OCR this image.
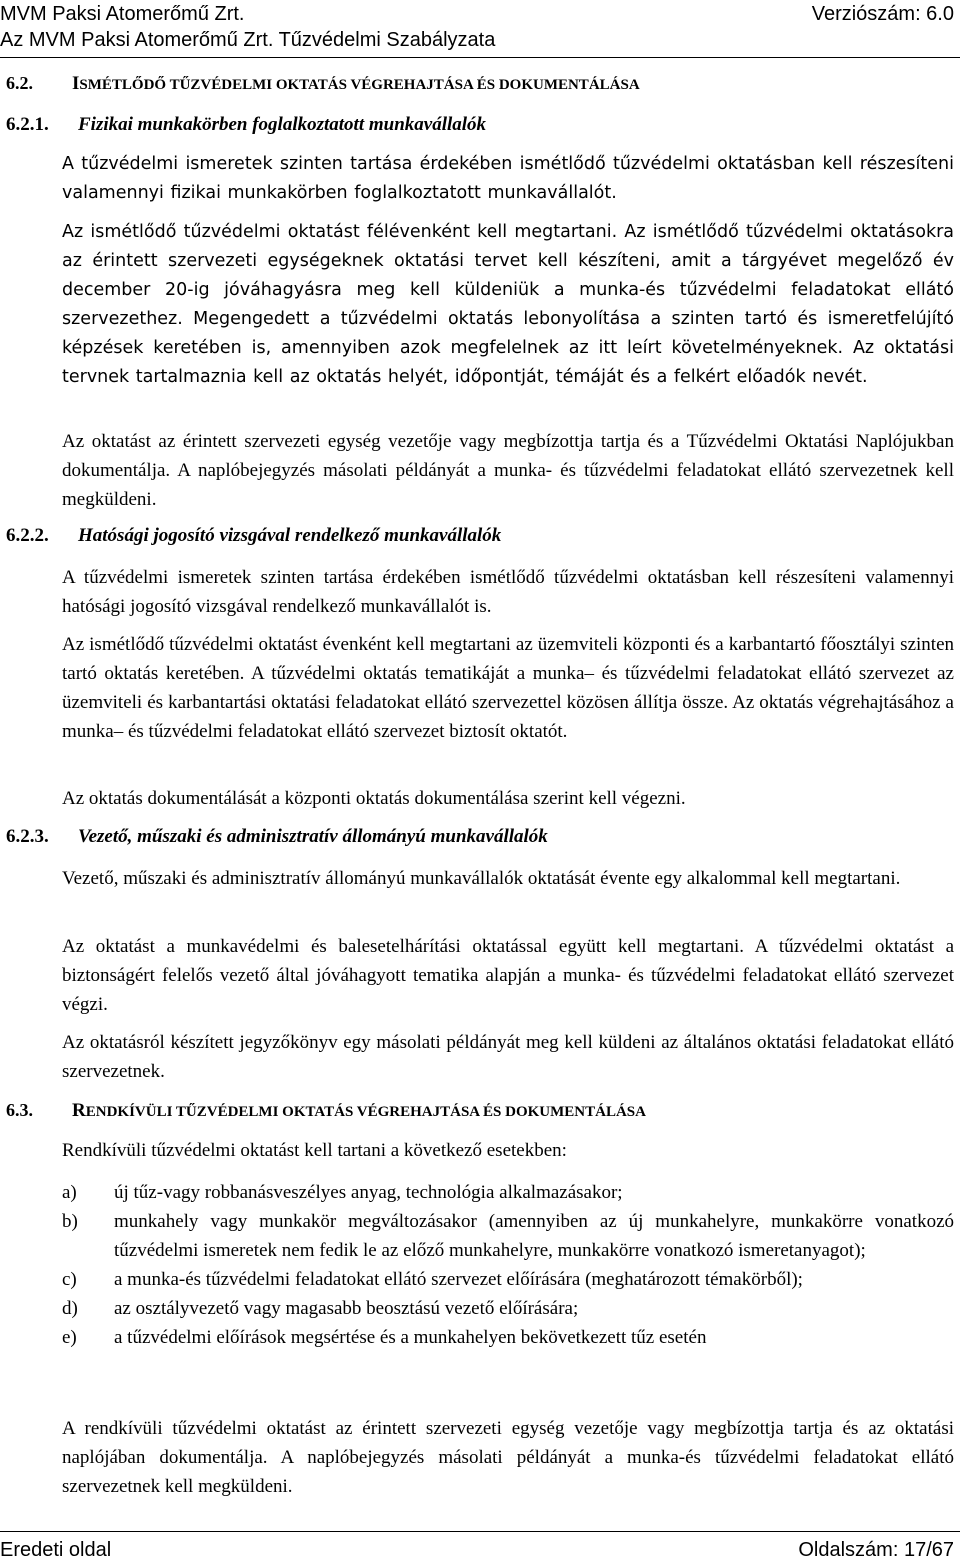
MVM Paksi Atomerőmű Zrt.	Verziószám: 6.0
Az MVM Paksi Atomerőmű Zrt. Tűzvédelmi Szabályzata
6.2. ISMÉTLŐDŐ TŰZVÉDELMI OKTATÁS VÉGREHAJTÁSA ÉS DOKUMENTÁLÁSA
6.2.1. Fizikai munkakörben foglalkoztatott munkavállalók

A tűzvédelmi ismeretek szinten tartása érdekében ismétlődő tűzvédelmi oktatásban kell részesíteni valamennyi fizikai munkakörben foglalkoztatott munkavállalót.

Az ismétlődő tűzvédelmi oktatást félévenként kell megtartani. Az ismétlődő tűzvédelmi oktatásokra az érintett szervezeti egységeknek oktatási tervet kell készíteni, amit a tárgyévet megelőző év december 20-ig jóváhagyásra meg kell küldeniük a munka-és tűzvédelmi feladatokat ellátó szervezethez. Megengedett a tűzvédelmi oktatás lebonyolítása a szinten tartó és ismeretfelújító képzések keretében is, amennyiben azok megfelelnek az itt leírt követelményeknek. Az oktatási tervnek tartalmaznia kell az oktatás helyét, időpontját, témáját és a felkért előadók nevét.

Az oktatást az érintett szervezeti egység vezetője vagy megbízottja tartja és a Tűzvédelmi Oktatási Naplójukban dokumentálja. A naplóbejegyzés másolati példányát a munka- és tűzvédelmi feladatokat ellátó szervezetnek kell megküldeni.

6.2.2. Hatósági jogosító vizsgával rendelkező munkavállalók

A tűzvédelmi ismeretek szinten tartása érdekében ismétlődő tűzvédelmi oktatásban kell részesíteni valamennyi hatósági jogosító vizsgával rendelkező munkavállalót is.

Az ismétlődő tűzvédelmi oktatást évenként kell megtartani az üzemviteli központi és a karbantartó főosztályi szinten tartó oktatás keretében. A tűzvédelmi oktatás tematikáját a munka– és tűzvédelmi feladatokat ellátó szervezet az üzemviteli és karbantartási oktatási feladatokat ellátó szervezettel közösen állítja össze. Az oktatás végrehajtásához a munka– és tűzvédelmi feladatokat ellátó szervezet biztosít oktatót.

Az oktatás dokumentálását a központi oktatás dokumentálása szerint kell végezni.

6.2.3. Vezető, műszaki és adminisztratív állományú munkavállalók

Vezető, műszaki és adminisztratív állományú munkavállalók oktatását évente egy alkalommal kell megtartani.

Az oktatást a munkavédelmi és balesetelhárítási oktatással együtt kell megtartani. A tűzvédelmi oktatást a biztonságért felelős vezető által jóváhagyott tematika alapján a munka- és tűzvédelmi feladatokat ellátó szervezet végzi.

Az oktatásról készített jegyzőkönyv egy másolati példányát meg kell küldeni az általános oktatási feladatokat ellátó szervezetnek.

6.3. RENDKÍVÜLI TŰZVÉDELMI OKTATÁS VÉGREHAJTÁSA ÉS DOKUMENTÁLÁSA

Rendkívüli tűzvédelmi oktatást kell tartani a következő esetekben:

a)	új tűz-vagy robbanásveszélyes anyag, technológia alkalmazásakor;
b)	munkahely vagy munkakör megváltozásakor (amennyiben az új munkahelyre, munkakörre vonatkozó tűzvédelmi ismeretek nem fedik le az előző munkahelyre, munkakörre vonatkozó ismeretanyagot);
c)	a munka-és tűzvédelmi feladatokat ellátó szervezet előírására (meghatározott témakörből);
d)	az osztályvezető vagy magasabb beosztású vezető előírására;
e)	a tűzvédelmi előírások megsértése és a munkahelyen bekövetkezett tűz esetén

A rendkívüli tűzvédelmi oktatást az érintett szervezeti egység vezetője vagy megbízottja tartja és az oktatási naplójában dokumentálja. A naplóbejegyzés másolati példányát a munka-és tűzvédelmi feladatokat ellátó szervezetnek kell megküldeni.

Eredeti oldal	Oldalszám: 17/67
